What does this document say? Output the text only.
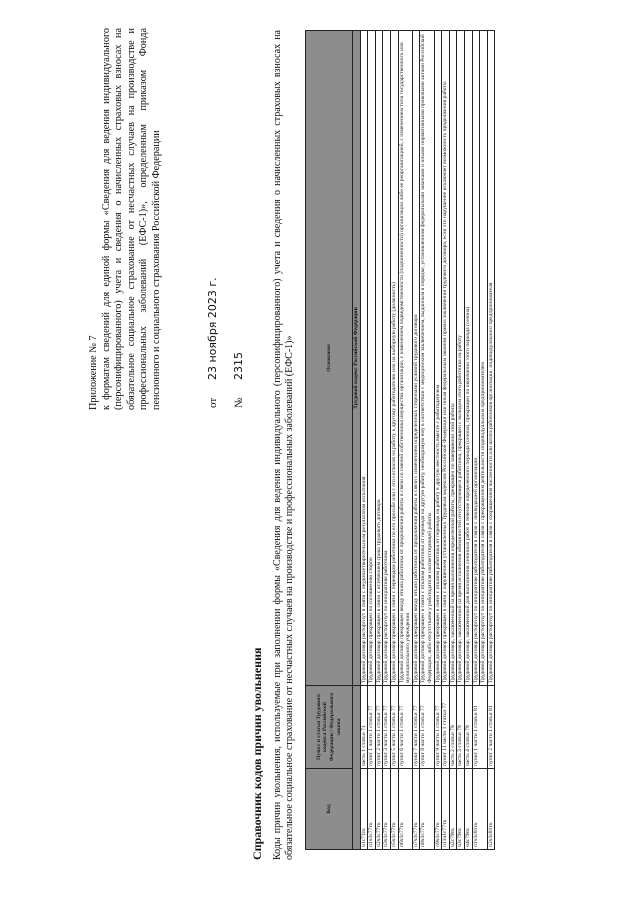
Приложение № 7 к форматам сведений для единой формы «Сведения для ведения индивидуального (персонифицированного) учета и сведения о начисленных страховых взносах на обязательное социальное страхование от несчастных случаев на производстве и профессиональных заболеваний (ЕФС-1)», определенным приказом Фонда пенсионного и социального страхования Российской Федерации	от23 ноября 2023 г.
№2315
Справочник кодов причин увольнения Коды причин увольнения, используемые при заполнении формы «Сведения для ведения индивидуального (персонифицированного) учета и сведения о начисленных страховых взносах на обязательное социальное страхование от несчастных случаев на производстве и профессиональных заболеваний (ЕФС-1)»	Код	Пункт и статья Трудового кодекса Российской Федерации / Федерального закона	Основание
		Трудовой кодекс Российской Федерации
ч1с71тк	часть 1 статьи 71	Трудовой договор расторгнут в связи с неудовлетворительным результатом испытания

п1ч1с77тк	пункт 1 части 1 статьи 77	Трудовой договор прекращен по соглашению сторон

п2ч1с77тк	пункт 2 части 1 статьи 77	Трудовой договор прекращен в связи с истечением срока трудового договора

п3ч1с77тк	пункт 3 части 1 статьи 77	Трудовой договор расторгнут по инициативе работника

п5ч1с77тк	пункт 5 части 1 статьи 77	Трудовой договор прекращен в связи с переводом работника по его просьбе или с его согласия на работу к другому работодателю или на выборную работу (должность)

п6ч1с77тк	пункт 6 части 1 статьи 77	Трудовой договор прекращен ввиду отказа работника от продолжения работы в связи со сменой собственника имущества организации, с изменением подведомственности (подчиненности) организации либо ее реорганизацией, с изменением типа государственного или муниципального учреждения

п7ч1с77тк	пункт 7 части 1 статьи 77	Трудовой договор прекращен ввиду отказа работника от продолжения работы в связи с изменением определенных сторонами условий трудового договора

п8ч1с77тк	пункт 8 части 1 статьи 77	Трудовой договор прекращен в связи с отказом работника от перевода на другую работу, необходимую ему в соответствии с медицинским заключением, выданным в порядке, установленном федеральными законами и иными нормативными правовыми актами Российской Федерации, либо отсутствием у работодателя соответствующей работы

п9ч1с77тк	пункт 9 части 1 статьи 77	Трудовой договор прекращен в связи с отказом работника от перевода на работу в другую местность вместе с работодателем

п11ч1с77тк	пункт 11 части 1 статьи 77	Трудовой договор прекращен в связи с нарушением установленных Трудовым кодексом Российской Федерации или иным федеральным законом правил заключения трудового договора, если это нарушение исключает возможность продолжения работы

ч2с79тк	часть 2 статьи 79	Трудовой договор, заключенный на время выполнения определенной работы, прекращен по завершении этой работы

ч3с79тк	часть 3 статьи 79	Трудовой договор, заключенный на время исполнения обязанностей отсутствующего работника, прекращен с выходом этого работника на работу

ч4с79тк	часть 4 статьи 79	Трудовой договор, заключенный для выполнения сезонных работ в течение определенного периода (сезона), прекращен по окончании этого периода (сезона)

п1ч1с81тк	пункт 1 части 1 статьи 81	Трудовой договор расторгнут по инициативе работодателя в связи с ликвидацией организации Трудовой договор расторгнут по инициативе работодателя в связи с прекращением деятельности индивидуальным предпринимателем

п2ч1с81тк	пункт 2 части 1 статьи 81	Трудовой договор расторгнут по инициативе работодателя в связи с сокращением численности или штата работников организации, индивидуального предпринимателя
